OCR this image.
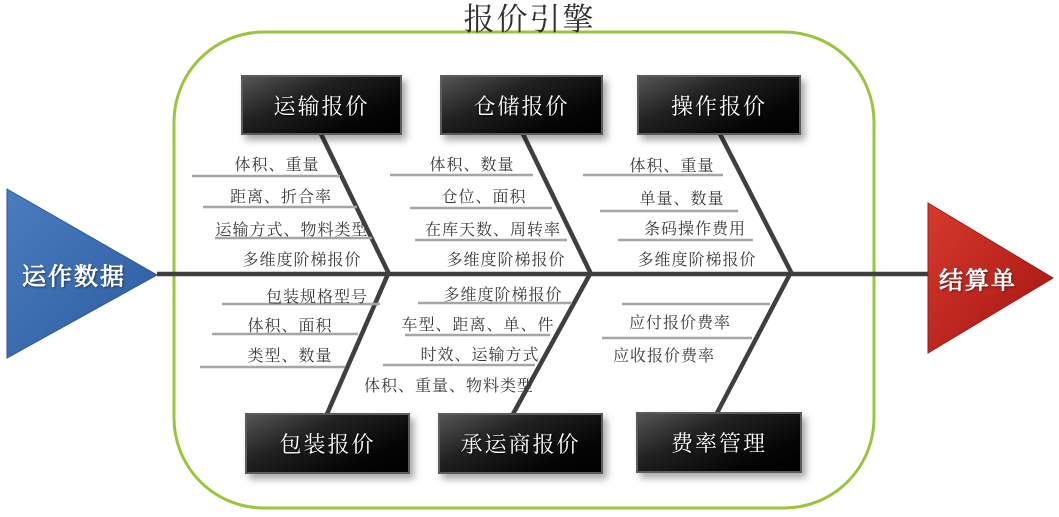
报价引擎
运输报价	仓储报价	操作报价
包装报价	承运商报价	费率管理
体积、重量
距离、折合率
运输方式、物料类型
多维度阶梯报价
体积、数量
仓位、面积
在库天数、周转率
多维度阶梯报价
体积、重量
单量、数量
条码操作费用
多维度阶梯报价
包装规格型号
体积、面积
类型、数量
多维度阶梯报价
车型、距离、单、件
时效、运输方式
体积、重量、物料类型
应付报价费率
应收报价费率
运作数据	结算单
